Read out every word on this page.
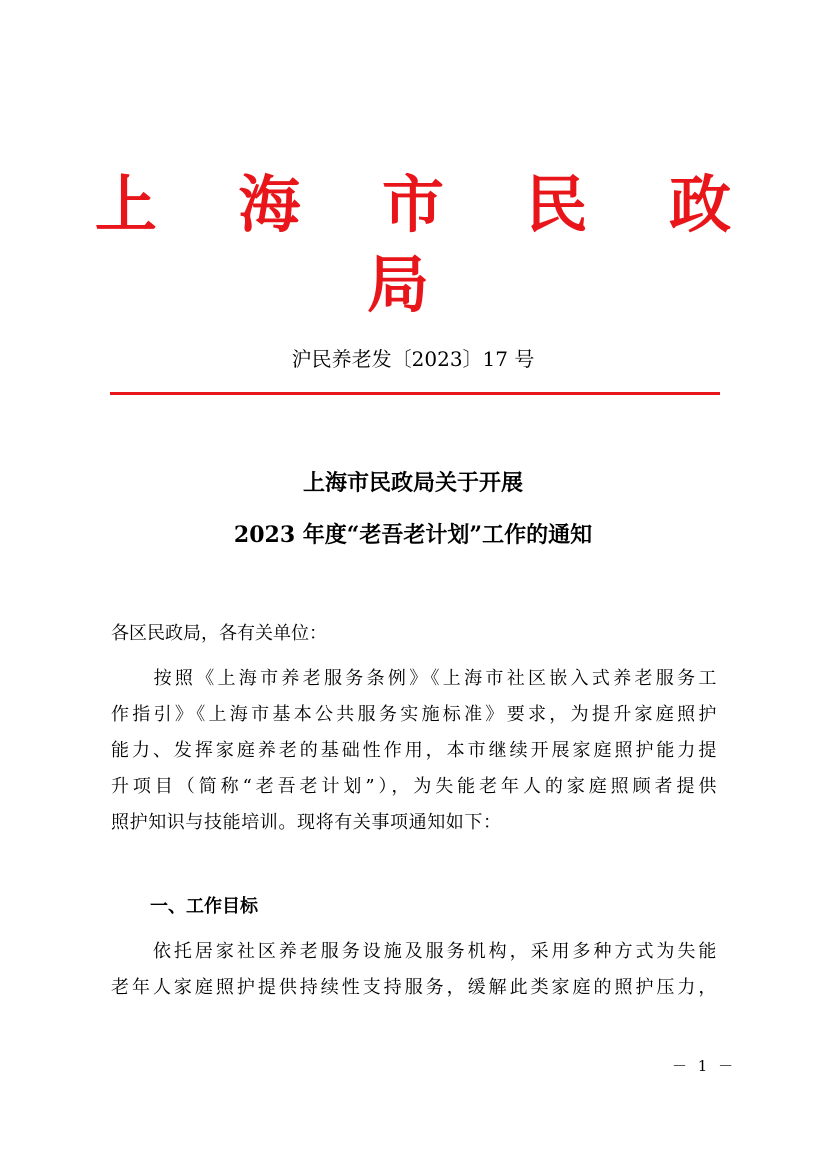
上 海 市 民 政 局
沪民养老发〔2023〕17 号
上海市民政局关于开展
2023 年度“老吾老计划”工作的通知
各区民政局，各有关单位：
　　按照《上海市养老服务条例》《上海市社区嵌入式养老服务工
作指引》《上海市基本公共服务实施标准》要求，为提升家庭照护
能力、发挥家庭养老的基础性作用，本市继续开展家庭照护能力提
升项目（简称“老吾老计划”），为失能老年人的家庭照顾者提供
照护知识与技能培训。现将有关事项通知如下：
一、工作目标
　　依托居家社区养老服务设施及服务机构，采用多种方式为失能
老年人家庭照护提供持续性支持服务，缓解此类家庭的照护压力，
－ 1 －
